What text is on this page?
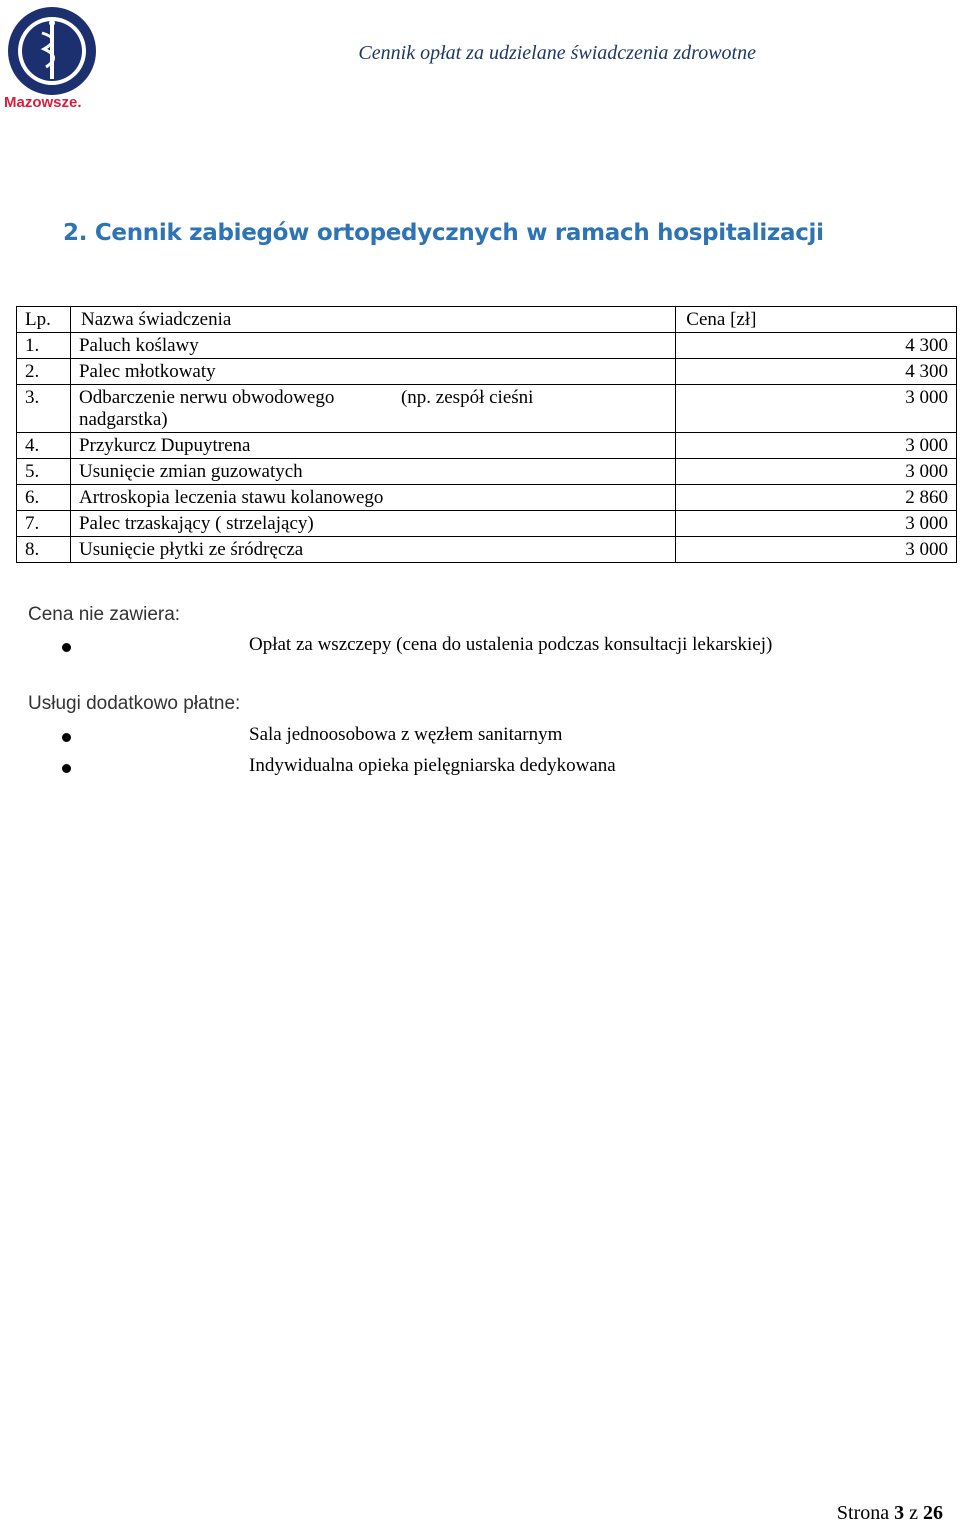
Mazowsze.
Cennik opłat za udzielane świadczenia zdrowotne
2. Cennik zabiegów ortopedycznych w ramach hospitalizacji
Lp.	Nazwa świadczenia	Cena [zł]
1.	Paluch koślawy	4 300
2.	Palec młotkowaty	4 300
3.	Odbarczenie nerwu obwodowego (np. zespół cieśni
nadgarstka)	3 000
4.	Przykurcz Dupuytrena	3 000
5.	Usunięcie zmian guzowatych	3 000
6.	Artroskopia leczenia stawu kolanowego	2 860
7.	Palec trzaskający ( strzelający)	3 000
8.	Usunięcie płytki ze śródręcza	3 000
Cena nie zawiera:
Opłat za wszczepy (cena do ustalenia podczas konsultacji lekarskiej)
Usługi dodatkowo płatne:
Sala jednoosobowa z węzłem sanitarnym
Indywidualna opieka pielęgniarska dedykowana
Strona 3 z 26
